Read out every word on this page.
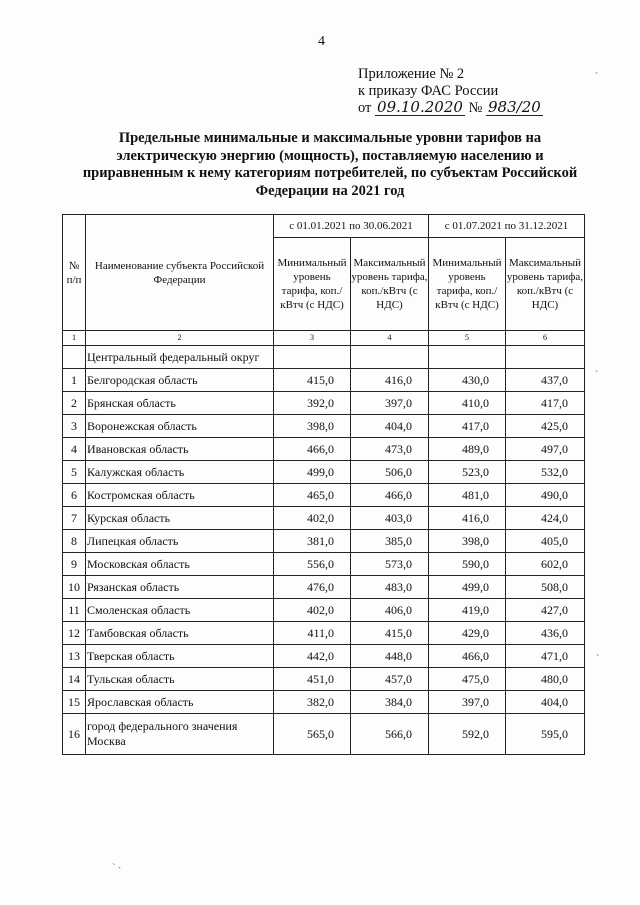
4
Приложение № 2
к приказу ФАС России
от 09.10.2020 № 983/20
Предельные минимальные и максимальные уровни тарифов на электрическую энергию (мощность), поставляемую населению и приравненным к нему категориям потребителей, по субъектам Российской Федерации на 2021 год
№ п/п	Наименование субъекта Российской Федерации	с 01.01.2021 по 30.06.2021		с 01.07.2021 по 31.12.2021	
		Минимальный уровень тарифа, коп./кВтч (с НДС)	Максимальный уровень тарифа, коп./кВтч (с НДС)	Минимальный уровень тарифа, коп./кВтч (с НДС)	Максимальный уровень тарифа, коп./кВтч (с НДС)
1	2	3	4	5	6
	Центральный федеральный округ				
1	Белгородская область	415,0	416,0	430,0	437,0
2	Брянская область	392,0	397,0	410,0	417,0
3	Воронежская область	398,0	404,0	417,0	425,0
4	Ивановская область	466,0	473,0	489,0	497,0
5	Калужская область	499,0	506,0	523,0	532,0
6	Костромская область	465,0	466,0	481,0	490,0
7	Курская область	402,0	403,0	416,0	424,0
8	Липецкая область	381,0	385,0	398,0	405,0
9	Московская область	556,0	573,0	590,0	602,0
10	Рязанская область	476,0	483,0	499,0	508,0
11	Смоленская область	402,0	406,0	419,0	427,0
12	Тамбовская область	411,0	415,0	429,0	436,0
13	Тверская область	442,0	448,0	466,0	471,0
14	Тульская область	451,0	457,0	475,0	480,0
15	Ярославская область	382,0	384,0	397,0	404,0
16	город федерального значения Москва	565,0	566,0	592,0	595,0
ˋ
ˋ
ˋ
˴ ˎ
